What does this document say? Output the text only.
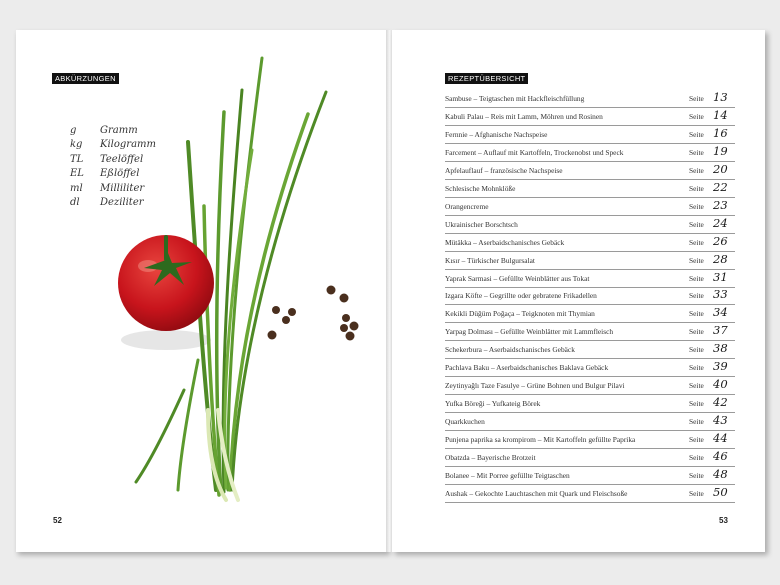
ABKÜRZUNGEN
g Gramm
kg Kilogramm
TL Teelöffel
EL Eßlöffel
ml Milliliter
dl Deziliter
52
REZEPTÜBERSICHT
Sambuse – Teigtaschen mit Hackfleischfüllung	Seite 13
Kabuli Palau – Reis mit Lamm, Möhren und Rosinen	Seite 14
Fernnie – Afghanische Nachspeise	Seite 16
Farcement – Auflauf mit Kartoffeln, Trockenobst und Speck	Seite 19
Apfelauflauf – französische Nachspeise	Seite 20
Schlesische Mohnklöße	Seite 22
Orangencreme	Seite 23
Ukrainischer Borschtsch	Seite 24
Mütäkka – Aserbaidschanisches Gebäck	Seite 26
Kısır – Türkischer Bulgursalat	Seite 28
Yaprak Sarmasi – Gefüllte Weinblätter aus Tokat	Seite 31
Izgara Köfte – Gegrillte oder gebratene Frikadellen	Seite 33
Kekikli Düğüm Poğaça – Teigknoten mit Thymian	Seite 34
Yarpag Dolması – Gefüllte Weinblätter mit Lammfleisch	Seite 37
Schekerbura – Aserbaidschanisches Gebäck	Seite 38
Pachlava Baku – Aserbaidschanisches Baklava Gebäck	Seite 39
Zeytinyağlı Taze Fasulye – Grüne Bohnen und Bulgur Pilavi	Seite 40
Yufka Böreği – Yufkateig Börek	Seite 42
Quarkkuchen	Seite 43
Punjena paprika sa krompirom – Mit Kartoffeln gefüllte Paprika	Seite 44
Obatzda – Bayerische Brotzeit	Seite 46
Bolanee – Mit Porree gefüllte Teigtaschen	Seite 48
Aushak – Gekochte Lauchtaschen mit Quark und Fleischsoße	Seite 50
53
